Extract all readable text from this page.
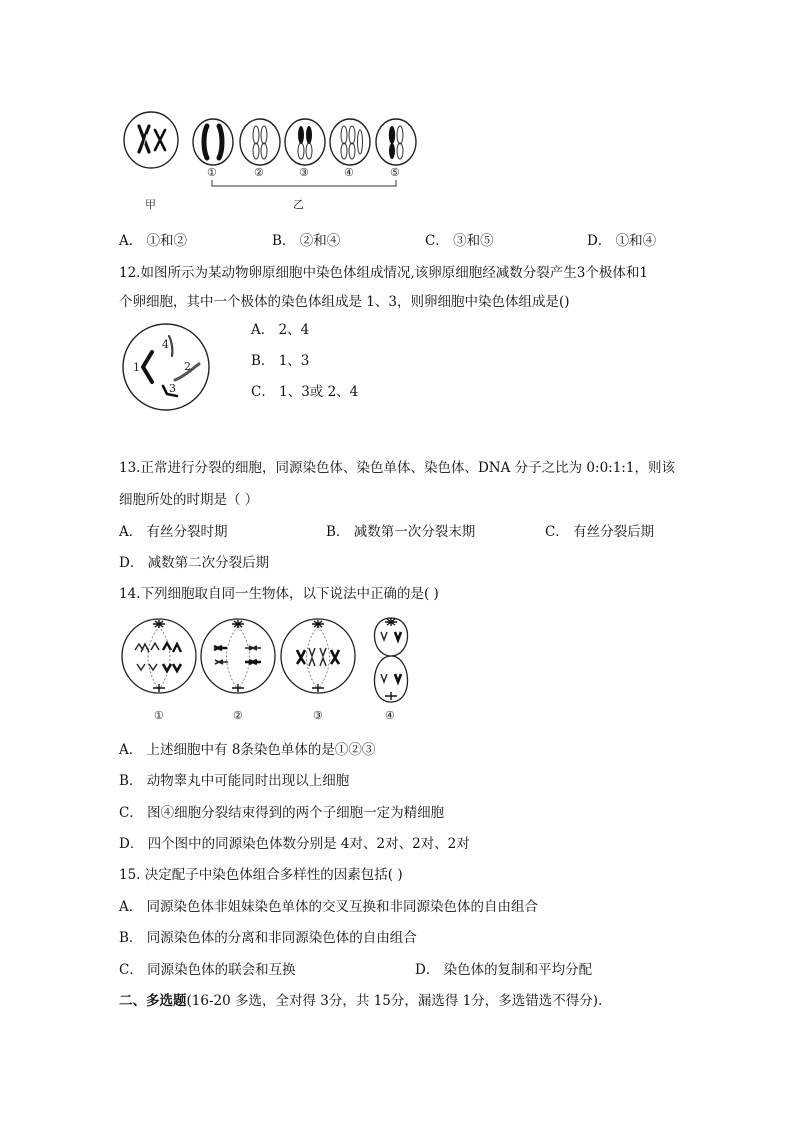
①	②	③	④	⑤
甲	乙
A． ①和②	B． ②和④	C． ③和⑤	D． ①和④
12.如图所示为某动物卵原细胞中染色体组成情况,该卵原细胞经减数分裂产生3个极体和1
个卵细胞，其中一个极体的染色体组成是 1、3，则卵细胞中染色体组成是()
1	2
3
4
A． 2、4
B． 1、3
C． 1、3或 2、4
13.正常进行分裂的细胞，同源染色体、染色单体、染色体、DNA 分子之比为 0:0:1:1，则该
细胞所处的时期是（ ）
A． 有丝分裂时期	B． 减数第一次分裂末期	C． 有丝分裂后期
D． 减数第二次分裂后期
14.下列细胞取自同一生物体，以下说法中正确的是( )
①	②	③	④
A． 上述细胞中有 8条染色单体的是①②③
B． 动物睾丸中可能同时出现以上细胞
C． 图④细胞分裂结束得到的两个子细胞一定为精细胞
D． 四个图中的同源染色体数分别是 4对、2对、2对、2对
15. 决定配子中染色体组合多样性的因素包括( )
A． 同源染色体非姐妹染色单体的交叉互换和非同源染色体的自由组合
B． 同源染色体的分离和非同源染色体的自由组合
C． 同源染色体的联会和互换	D． 染色体的复制和平均分配
二、多选题(16-20 多选，全对得 3分，共 15分，漏选得 1分，多选错选不得分).
